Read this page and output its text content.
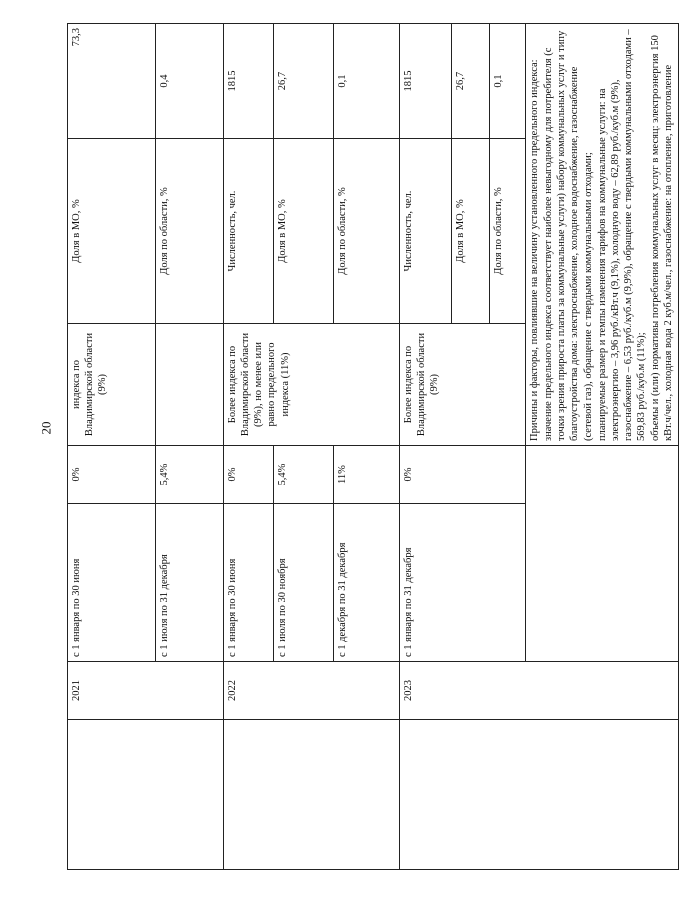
20
	2021	с 1 января по 30 июня	0%	индекса по Владимирской области (9%)	Доля в МО, %	73,3
		с 1 июля по 31 декабря	5,4%		Доля по области, %	0,4
	2022	с 1 января по 30 июня	0%	Более индекса по Владимирской области (9%), но менее или равно предельного индекса (11%)	Численность, чел.	1815
		с 1 июля по 30 ноября	5,4%		Доля в МО, %	26,7
		с 1 декабря по 31 декабря	11%		Доля по области, %	0,1
	2023	с 1 января по 31 декабря	0%	Более индекса по Владимирской области (9%)	Численность, чел.	1815
					Доля в МО, %	26,7
					Доля по области, %	0,1

				Причины и факторы, повлиявшие на величину установленного предельного индекса: значение предельного индекса соответствует наиболее невыгодному для потребителя (с точки зрения прироста платы за коммунальные услуги) набору коммунальных услуг и типу благоустройства дома: электроснабжение, холодное водоснабжение, газоснабжение (сетевой газ), обращение с твердыми коммунальными отходами; планируемые размер и темпы изменения тарифов на коммунальные услуги: на электроэнергию – 3,96 руб./кВт.ч (9,1%), холодную воду – 62,89 руб./куб.м (9%), газоснабжение – 6,53 руб./куб.м (9,9%), обращение с твердыми коммунальными отходами – 569,83 руб./куб.м (11%); объемы и (или) нормативы потребления коммунальных услуг в месяц: электроэнергия 150 кВт.ч/чел., холодная вода 2 куб.м/чел., газоснабжение: на отопление, приготовление		
